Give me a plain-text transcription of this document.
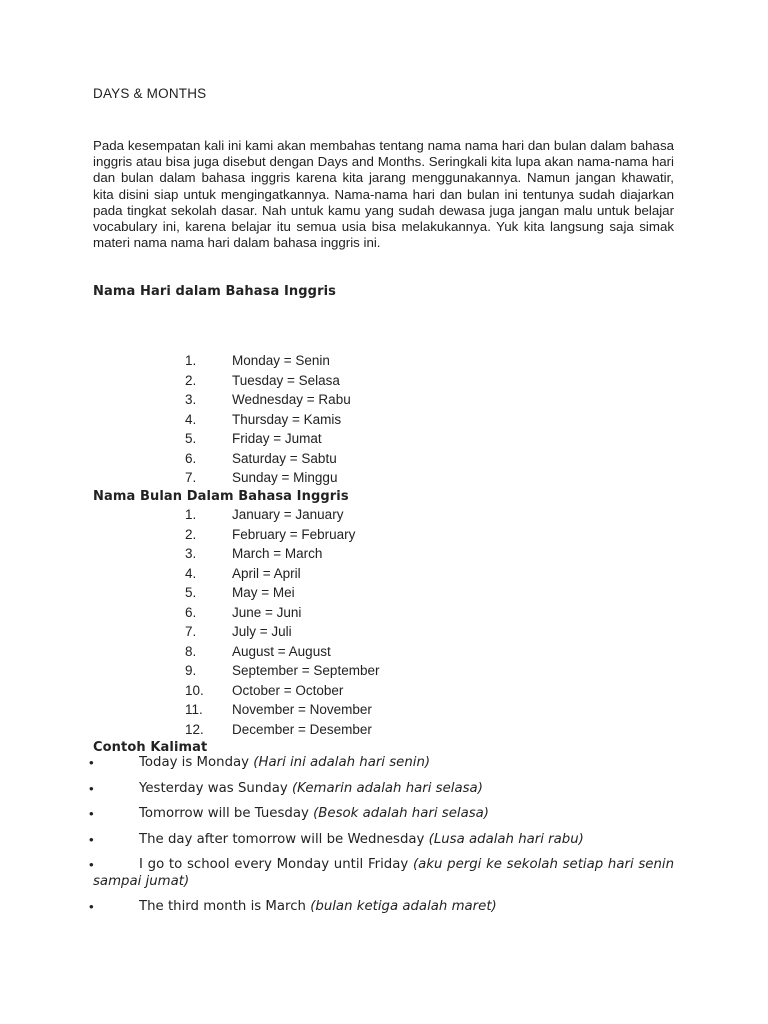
DAYS & MONTHS

Pada kesempatan kali ini kami akan membahas tentang nama nama hari dan bulan dalam bahasa inggris atau bisa juga disebut dengan Days and Months. Seringkali kita lupa akan nama-nama hari dan bulan dalam bahasa inggris karena kita jarang menggunakannya. Namun jangan khawatir, kita disini siap untuk mengingatkannya. Nama-nama hari dan bulan ini tentunya sudah diajarkan pada tingkat sekolah dasar. Nah untuk kamu yang sudah dewasa juga jangan malu untuk belajar vocabulary ini, karena belajar itu semua usia bisa melakukannya. Yuk kita langsung saja simak materi nama nama hari dalam bahasa inggris ini.

Nama Hari dalam Bahasa Inggris
1.	Monday = Senin
2.	Tuesday = Selasa
3.	Wednesday = Rabu
4.	Thursday = Kamis
5.	Friday = Jumat
6.	Saturday = Sabtu
7.	Sunday = Minggu
Nama Bulan Dalam Bahasa Inggris
1.	January = January
2.	February = February
3.	March = March
4.	April = April
5.	May = Mei
6.	June = Juni
7.	July = Juli
8.	August = August
9.	September = September
10. October = October
11. November = November
12. December = Desember
Contoh Kalimat
•	Today is Monday (Hari ini adalah hari senin)
•	Yesterday was Sunday (Kemarin adalah hari selasa)
•	Tomorrow will be Tuesday (Besok adalah hari selasa)
•	The day after tomorrow will be Wednesday (Lusa adalah hari rabu)
•	I go to school every Monday until Friday (aku pergi ke sekolah setiap hari senin sampai jumat)
•	The third month is March (bulan ketiga adalah maret)
